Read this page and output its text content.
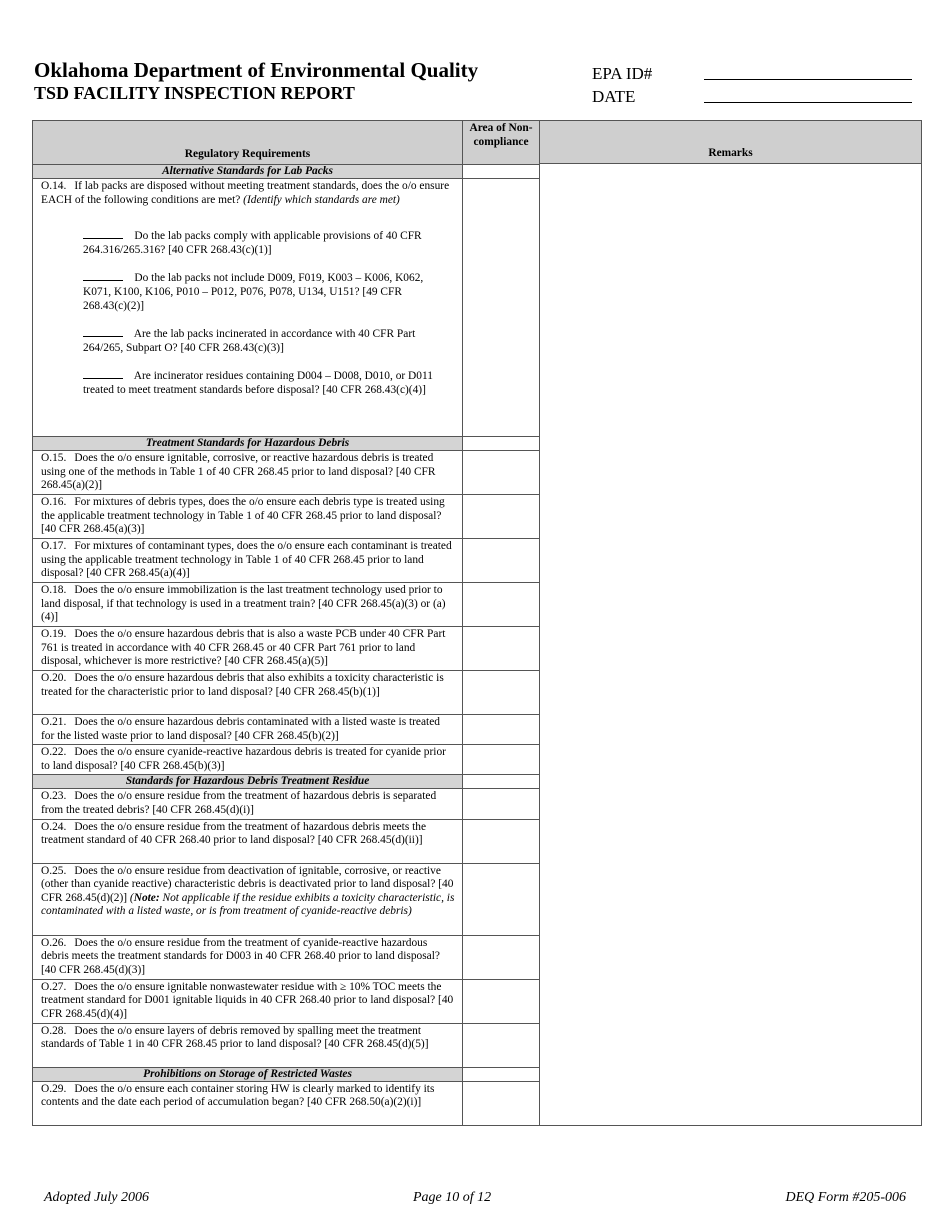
Oklahoma Department of Environmental Quality
TSD FACILITY INSPECTION REPORT
EPA ID#
DATE
Regulatory Requirements	Area of Non-compliance	Remarks

Alternative Standards for Lab Packs		

O.14. If lab packs are disposed without meeting treatment standards, does the o/o ensure EACH of the following conditions are met? (Identify which standards are met)
Do the lab packs comply with applicable provisions of 40 CFR 264.316/265.316? [40 CFR 268.43(c)(1)]
Do the lab packs not include D009, F019, K003 – K006, K062, K071, K100, K106, P010 – P012, P076, P078, U134, U151? [49 CFR 268.43(c)(2)]
Are the lab packs incinerated in accordance with 40 CFR Part 264/265, Subpart O? [40 CFR 268.43(c)(3)]
Are incinerator residues containing D004 – D008, D010, or D011 treated to meet treatment standards before disposal? [40 CFR 268.43(c)(4)]		

Treatment Standards for Hazardous Debris		
O.15. Does the o/o ensure ignitable, corrosive, or reactive hazardous debris is treated using one of the methods in Table 1 of 40 CFR 268.45 prior to land disposal? [40 CFR 268.45(a)(2)]		
O.16. For mixtures of debris types, does the o/o ensure each debris type is treated using the applicable treatment technology in Table 1 of 40 CFR 268.45 prior to land disposal? [40 CFR 268.45(a)(3)]		
O.17. For mixtures of contaminant types, does the o/o ensure each contaminant is treated using the applicable treatment technology in Table 1 of 40 CFR 268.45 prior to land disposal? [40 CFR 268.45(a)(4)]		
O.18. Does the o/o ensure immobilization is the last treatment technology used prior to land disposal, if that technology is used in a treatment train? [40 CFR 268.45(a)(3) or (a)(4)]		
O.19. Does the o/o ensure hazardous debris that is also a waste PCB under 40 CFR Part 761 is treated in accordance with 40 CFR 268.45 or 40 CFR Part 761 prior to land disposal, whichever is more restrictive? [40 CFR 268.45(a)(5)]		
O.20. Does the o/o ensure hazardous debris that also exhibits a toxicity characteristic is treated for the characteristic prior to land disposal? [40 CFR 268.45(b)(1)]		
O.21. Does the o/o ensure hazardous debris contaminated with a listed waste is treated for the listed waste prior to land disposal? [40 CFR 268.45(b)(2)]		
O.22. Does the o/o ensure cyanide-reactive hazardous debris is treated for cyanide prior to land disposal? [40 CFR 268.45(b)(3)]		
Standards for Hazardous Debris Treatment Residue		
O.23. Does the o/o ensure residue from the treatment of hazardous debris is separated from the treated debris? [40 CFR 268.45(d)(i)]		
O.24. Does the o/o ensure residue from the treatment of hazardous debris meets the treatment standard of 40 CFR 268.40 prior to land disposal? [40 CFR 268.45(d)(ii)]		
O.25. Does the o/o ensure residue from deactivation of ignitable, corrosive, or reactive (other than cyanide reactive) characteristic debris is deactivated prior to land disposal? [40 CFR 268.45(d)(2)] (Note: Not applicable if the residue exhibits a toxicity characteristic, is contaminated with a listed waste, or is from treatment of cyanide-reactive debris)		
O.26. Does the o/o ensure residue from the treatment of cyanide-reactive hazardous debris meets the treatment standards for D003 in 40 CFR 268.40 prior to land disposal? [40 CFR 268.45(d)(3)]		
O.27. Does the o/o ensure ignitable nonwastewater residue with ≥ 10% TOC meets the treatment standard for D001 ignitable liquids in 40 CFR 268.40 prior to land disposal? [40 CFR 268.45(d)(4)]		
O.28. Does the o/o ensure layers of debris removed by spalling meet the treatment standards of Table 1 in 40 CFR 268.45 prior to land disposal? [40 CFR 268.45(d)(5)]		
Prohibitions on Storage of Restricted Wastes		
O.29. Does the o/o ensure each container storing HW is clearly marked to identify its contents and the date each period of accumulation began? [40 CFR 268.50(a)(2)(i)]		
Adopted July 2006	Page 10 of 12	DEQ Form #205-006
